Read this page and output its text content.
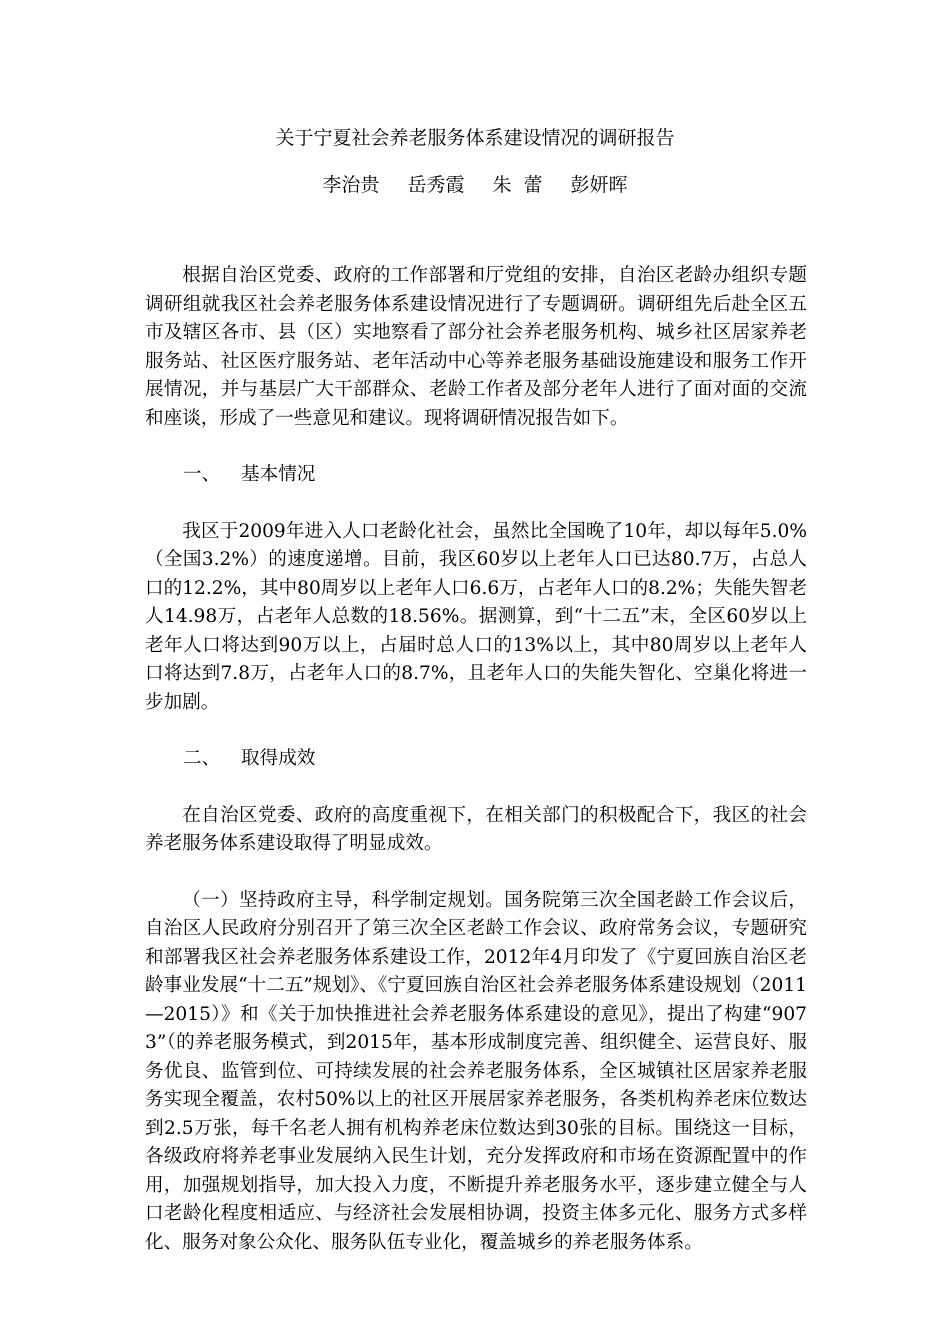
关于宁夏社会养老服务体系建设情况的调研报告
李治贵 岳秀霞 朱  蕾 彭妍晖

根据自治区党委、政府的工作部署和厅党组的安排，自治区老龄办组织专题调研组就我区社会养老服务体系建设情况进行了专题调研。调研组先后赴全区五市及辖区各市、县（区）实地察看了部分社会养老服务机构、城乡社区居家养老服务站、社区医疗服务站、老年活动中心等养老服务基础设施建设和服务工作开展情况，并与基层广大干部群众、老龄工作者及部分老年人进行了面对面的交流和座谈，形成了一些意见和建议。现将调研情况报告如下。

一、 基本情况

我区于2009年进入人口老龄化社会，虽然比全国晚了10年，却以每年5.0%（全国3.2%）的速度递增。目前，我区60岁以上老年人口已达80.7万，占总人口的12.2%，其中80周岁以上老年人口6.6万，占老年人口的8.2%；失能失智老人14.98万，占老年人总数的18.56%。据测算，到“十二五”末，全区60岁以上老年人口将达到90万以上，占届时总人口的13%以上，其中80周岁以上老年人口将达到7.8万，占老年人口的8.7%，且老年人口的失能失智化、空巢化将进一步加剧。

二、 取得成效

在自治区党委、政府的高度重视下，在相关部门的积极配合下，我区的社会养老服务体系建设取得了明显成效。

（一）坚持政府主导，科学制定规划。国务院第三次全国老龄工作会议后，自治区人民政府分别召开了第三次全区老龄工作会议、政府常务会议，专题研究和部署我区社会养老服务体系建设工作，2012年4月印发了《宁夏回族自治区老龄事业发展“十二五”规划》、《宁夏回族自治区社会养老服务体系建设规划（2011—2015）》和《关于加快推进社会养老服务体系建设的意见》，提出了构建“9073”（的养老服务模式，到2015年，基本形成制度完善、组织健全、运营良好、服务优良、监管到位、可持续发展的社会养老服务体系，全区城镇社区居家养老服务实现全覆盖，农村50%以上的社区开展居家养老服务，各类机构养老床位数达到2.5万张，每千名老人拥有机构养老床位数达到30张的目标。围绕这一目标，各级政府将养老事业发展纳入民生计划，充分发挥政府和市场在资源配置中的作用，加强规划指导，加大投入力度，不断提升养老服务水平，逐步建立健全与人口老龄化程度相适应、与经济社会发展相协调，投资主体多元化、服务方式多样化、服务对象公众化、服务队伍专业化，覆盖城乡的养老服务体系。
